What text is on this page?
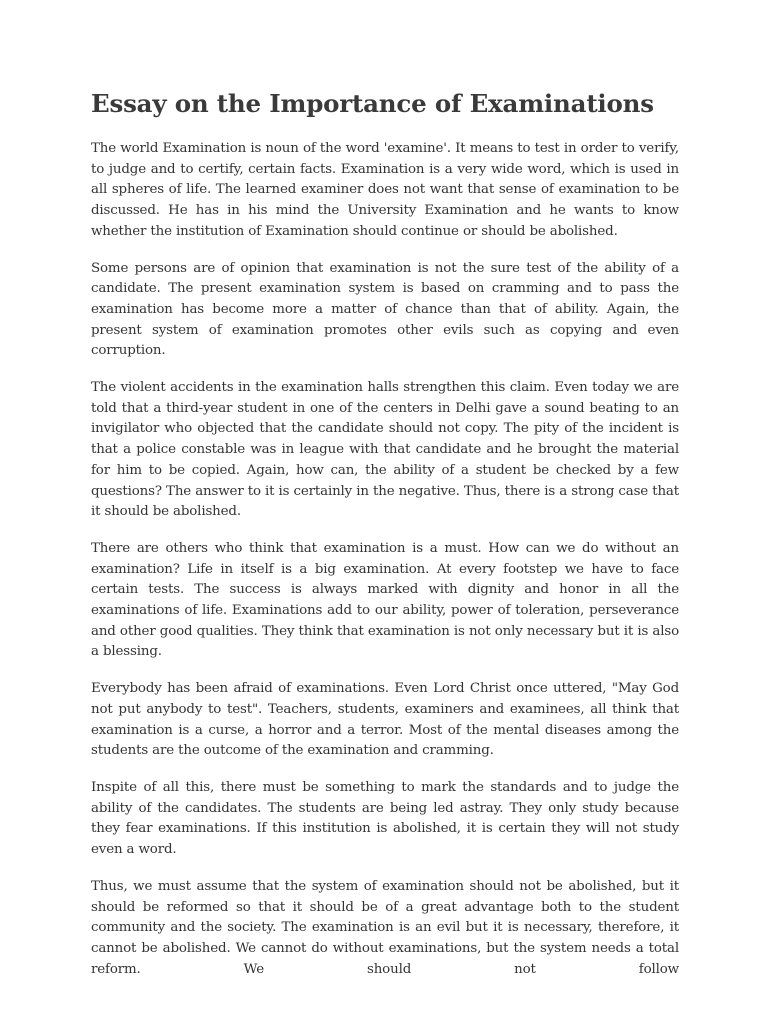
Essay on the Importance of Examinations

The world Examination is noun of the word 'examine'. It means to test in order to verify, to judge and to certify, certain facts. Examination is a very wide word, which is used in all spheres of life. The learned examiner does not want that sense of examination to be discussed. He has in his mind the University Examination and he wants to know whether the institution of Examination should continue or should be abolished.

Some persons are of opinion that examination is not the sure test of the ability of a candidate. The present examination system is based on cramming and to pass the examination has become more a matter of chance than that of ability. Again, the present system of examination promotes other evils such as copying and even corruption.

The violent accidents in the examination halls strengthen this claim. Even today we are told that a third-year student in one of the centers in Delhi gave a sound beating to an invigilator who objected that the candidate should not copy. The pity of the incident is that a police constable was in league with that candidate and he brought the material for him to be copied. Again, how can, the ability of a student be checked by a few questions? The answer to it is certainly in the negative. Thus, there is a strong case that it should be abolished.

There are others who think that examination is a must. How can we do without an examination? Life in itself is a big examination. At every footstep we have to face certain tests. The success is always marked with dignity and honor in all the examinations of life. Examinations add to our ability, power of toleration, perseverance and other good qualities. They think that examination is not only necessary but it is also a blessing.

Everybody has been afraid of examinations. Even Lord Christ once uttered, "May God not put anybody to test". Teachers, students, examiners and examinees, all think that examination is a curse, a horror and a terror. Most of the mental diseases among the students are the outcome of the examination and cramming.

Inspite of all this, there must be something to mark the standards and to judge the ability of the candidates. The students are being led astray. They only study because they fear examinations. If this institution is abolished, it is certain they will not study even a word.

Thus, we must assume that the system of examination should not be abolished, but it should be reformed so that it should be of a great advantage both to the student community and the society. The examination is an evil but it is necessary, therefore, it cannot be abolished. We cannot do without examinations, but the system needs a total reform. We should not follow
